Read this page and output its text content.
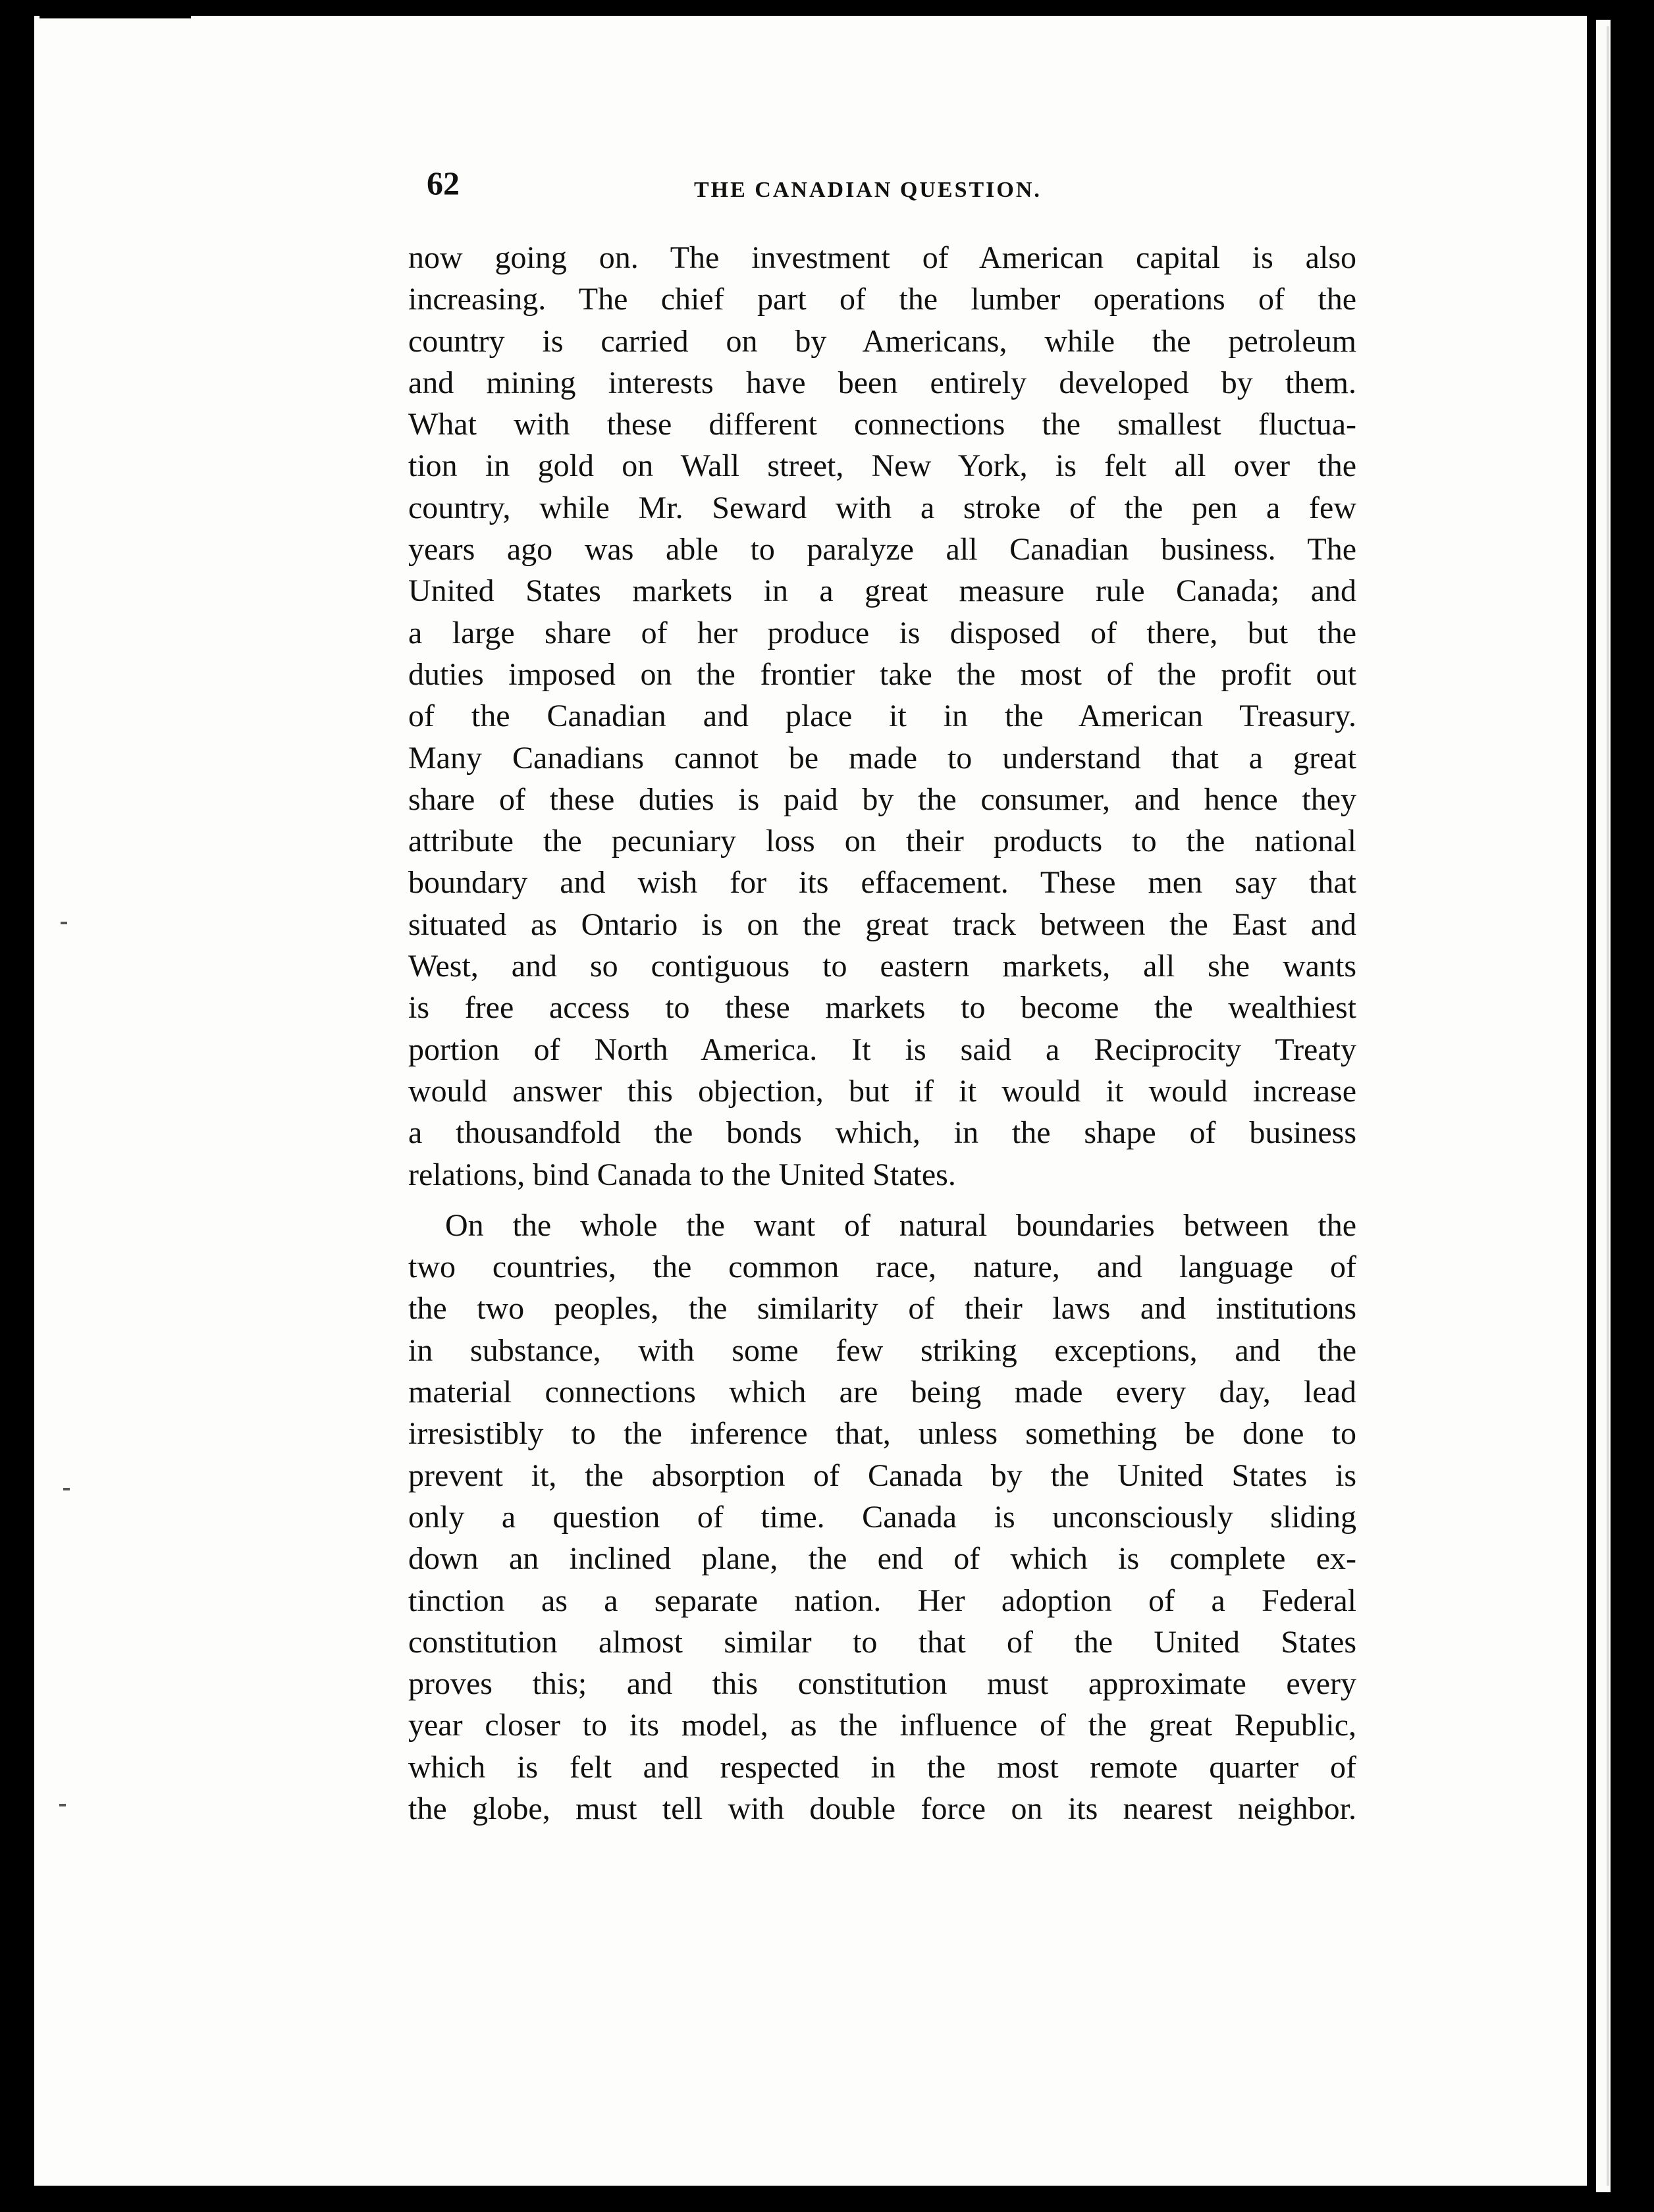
62	THE CANADIAN QUESTION.
now going on. The investment of American capital is also
increasing. The chief part of the lumber operations of the
country is carried on by Americans, while the petroleum
and mining interests have been entirely developed by them.
What with these different connections the smallest fluctua-
tion in gold on Wall street, New York, is felt all over the
country, while Mr. Seward with a stroke of the pen a few
years ago was able to paralyze all Canadian business. The
United States markets in a great measure rule Canada; and
a large share of her produce is disposed of there, but the
duties imposed on the frontier take the most of the profit out
of the Canadian and place it in the American Treasury.
Many Canadians cannot be made to understand that a great
share of these duties is paid by the consumer, and hence they
attribute the pecuniary loss on their products to the national
boundary and wish for its effacement. These men say that
situated as Ontario is on the great track between the East and
West, and so contiguous to eastern markets, all she wants
is free access to these markets to become the wealthiest
portion of North America. It is said a Reciprocity Treaty
would answer this objection, but if it would it would increase
a thousandfold the bonds which, in the shape of business
relations, bind Canada to the United States.
On the whole the want of natural boundaries between the
two countries, the common race, nature, and language of
the two peoples, the similarity of their laws and institutions
in substance, with some few striking exceptions, and the
material connections which are being made every day, lead
irresistibly to the inference that, unless something be done to
prevent it, the absorption of Canada by the United States is
only a question of time. Canada is unconsciously sliding
down an inclined plane, the end of which is complete ex-
tinction as a separate nation. Her adoption of a Federal
constitution almost similar to that of the United States
proves this; and this constitution must approximate every
year closer to its model, as the influence of the great Republic,
which is felt and respected in the most remote quarter of
the globe, must tell with double force on its nearest neighbor.
